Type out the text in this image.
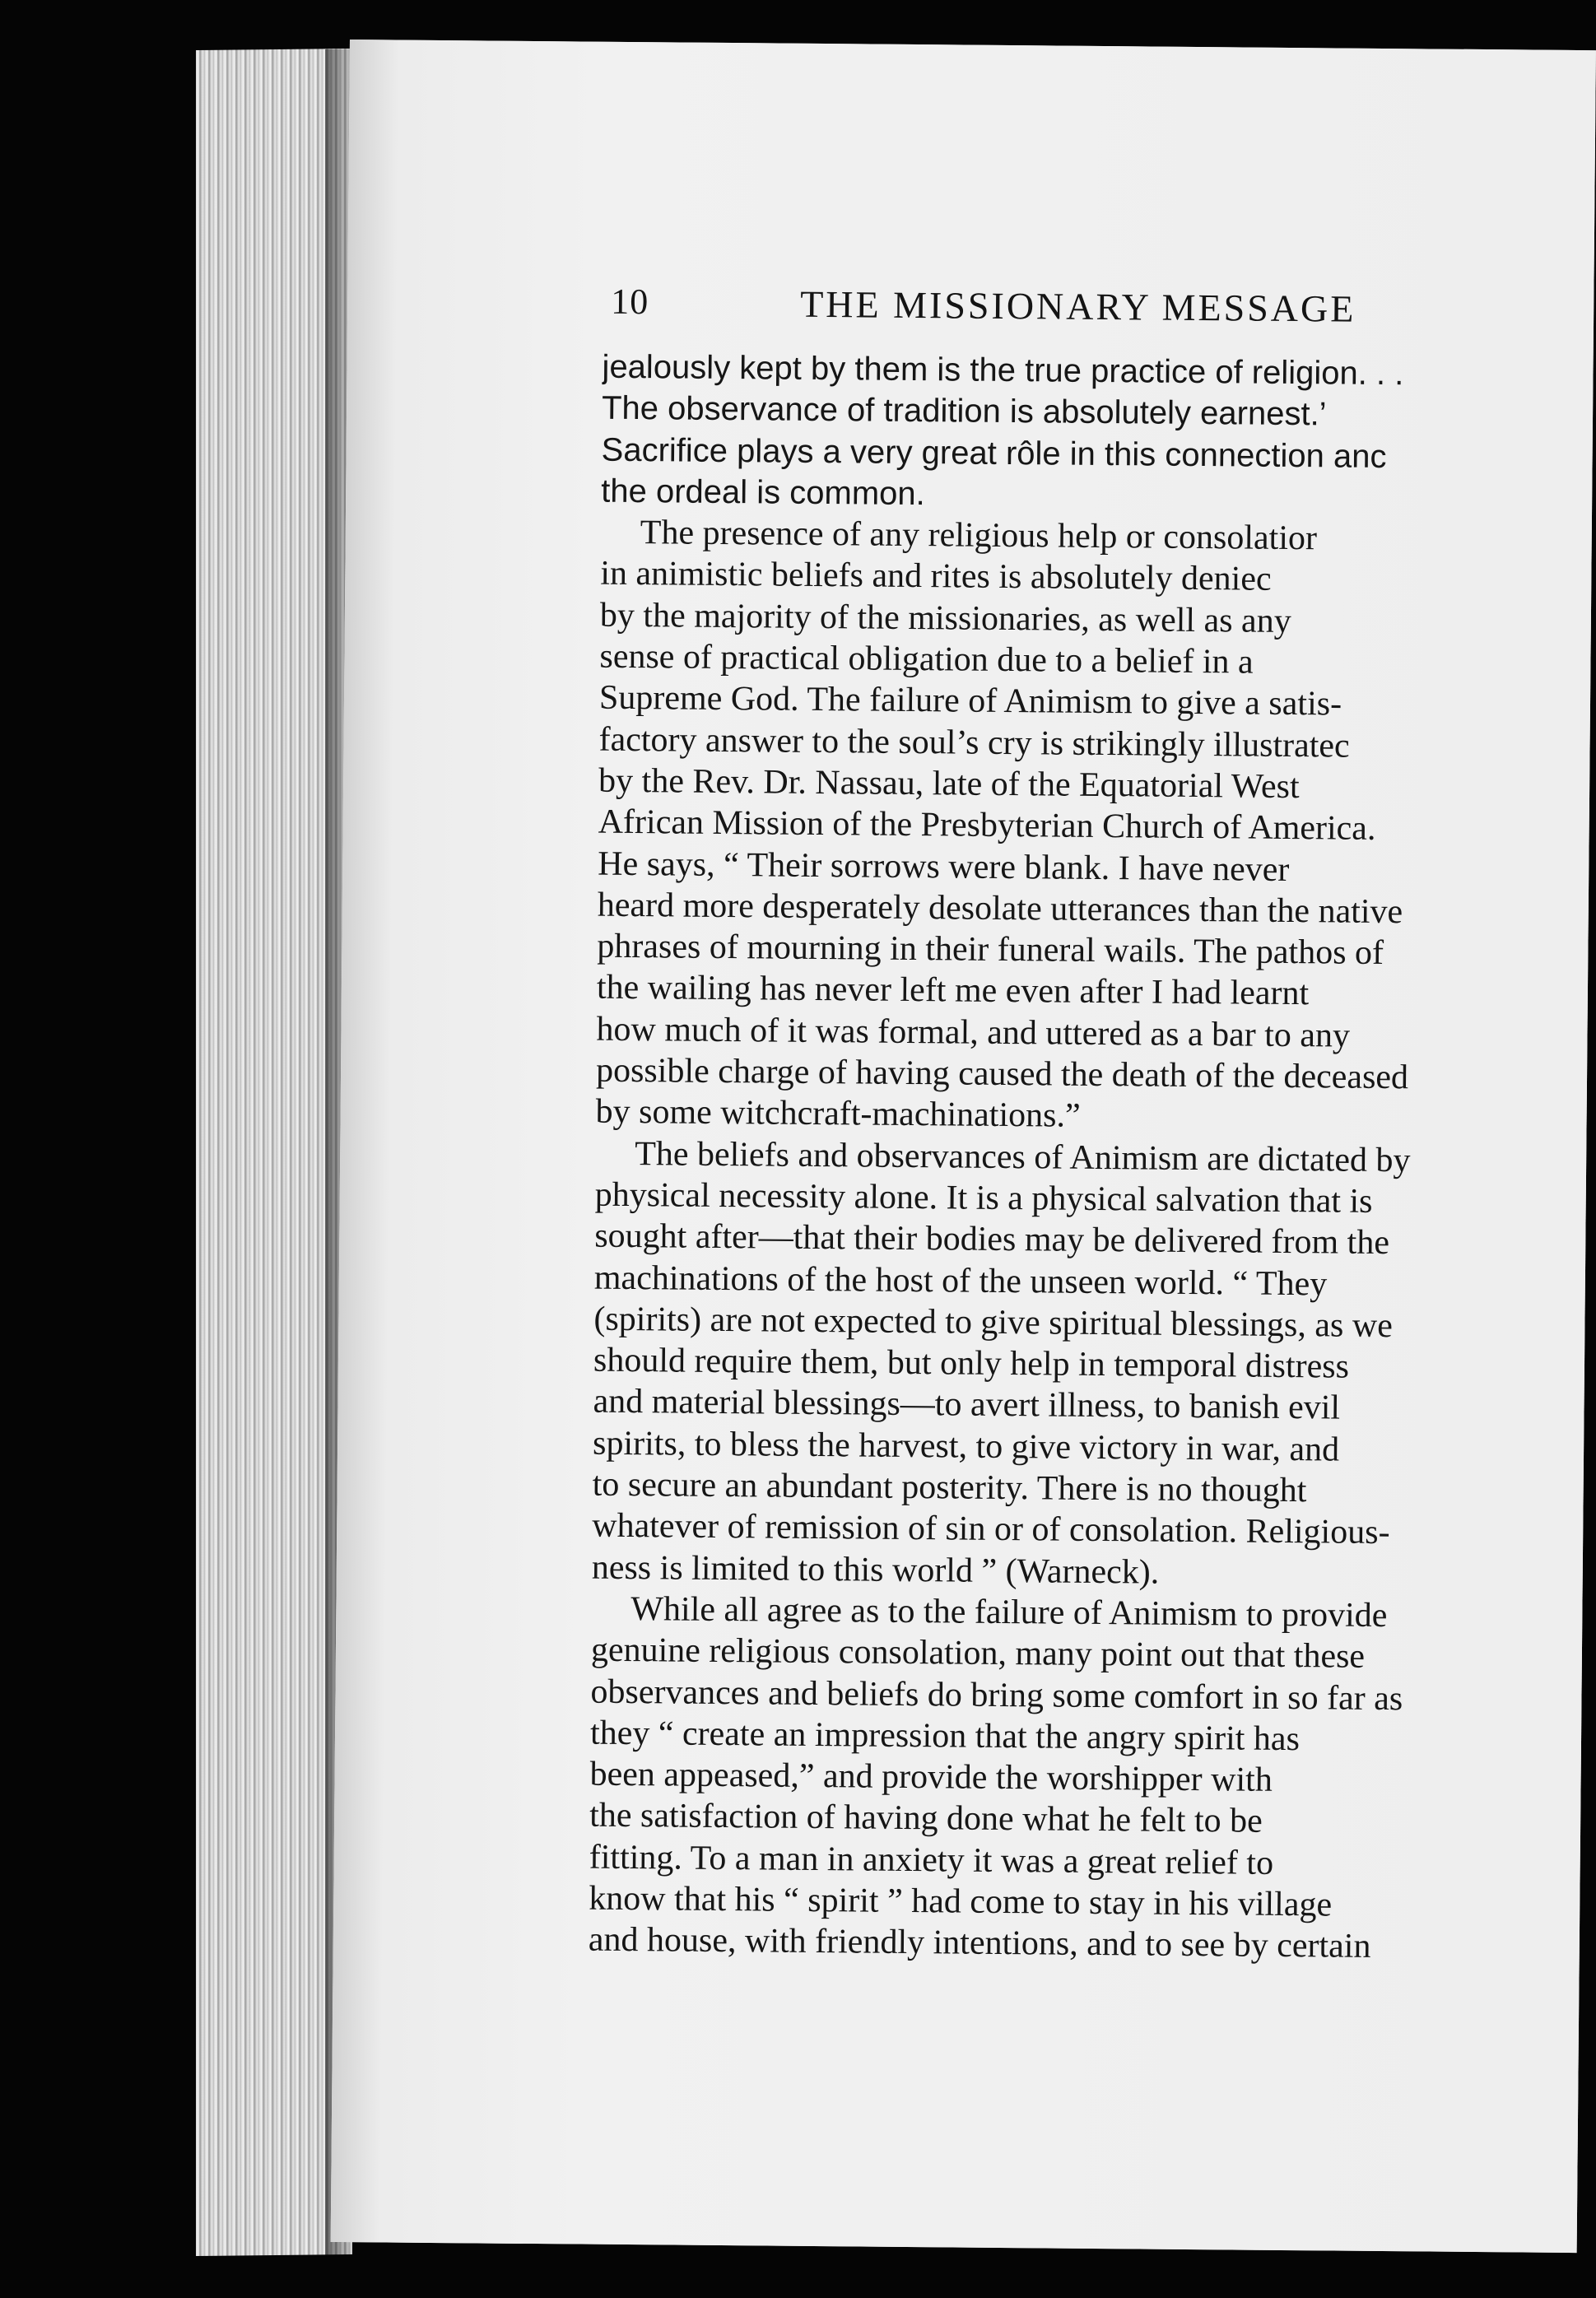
10	THE MISSIONARY MESSAGE
jealously kept by them is the true practice of religion. . .
The observance of tradition is absolutely earnest.’
Sacrifice plays a very great rôle in this connection anc
the ordeal is common.
The presence of any religious help or consolatior
in animistic beliefs and rites is absolutely deniec
by the majority of the missionaries, as well as any
sense of practical obligation due to a belief in a
Supreme God. The failure of Animism to give a satis-
factory answer to the soul’s cry is strikingly illustratec
by the Rev. Dr. Nassau, late of the Equatorial West
African Mission of the Presbyterian Church of America.
He says, “ Their sorrows were blank. I have never
heard more desperately desolate utterances than the native
phrases of mourning in their funeral wails. The pathos of
the wailing has never left me even after I had learnt
how much of it was formal, and uttered as a bar to any
possible charge of having caused the death of the deceased
by some witchcraft-machinations.”
The beliefs and observances of Animism are dictated by
physical necessity alone. It is a physical salvation that is
sought after—that their bodies may be delivered from the
machinations of the host of the unseen world. “ They
(spirits) are not expected to give spiritual blessings, as we
should require them, but only help in temporal distress
and material blessings—to avert illness, to banish evil
spirits, to bless the harvest, to give victory in war, and
to secure an abundant posterity. There is no thought
whatever of remission of sin or of consolation. Religious-
ness is limited to this world ” (Warneck).
While all agree as to the failure of Animism to provide
genuine religious consolation, many point out that these
observances and beliefs do bring some comfort in so far as
they “ create an impression that the angry spirit has
been appeased,” and provide the worshipper with
the satisfaction of having done what he felt to be
fitting. To a man in anxiety it was a great relief to
know that his “ spirit ” had come to stay in his village
and house, with friendly intentions, and to see by certain
